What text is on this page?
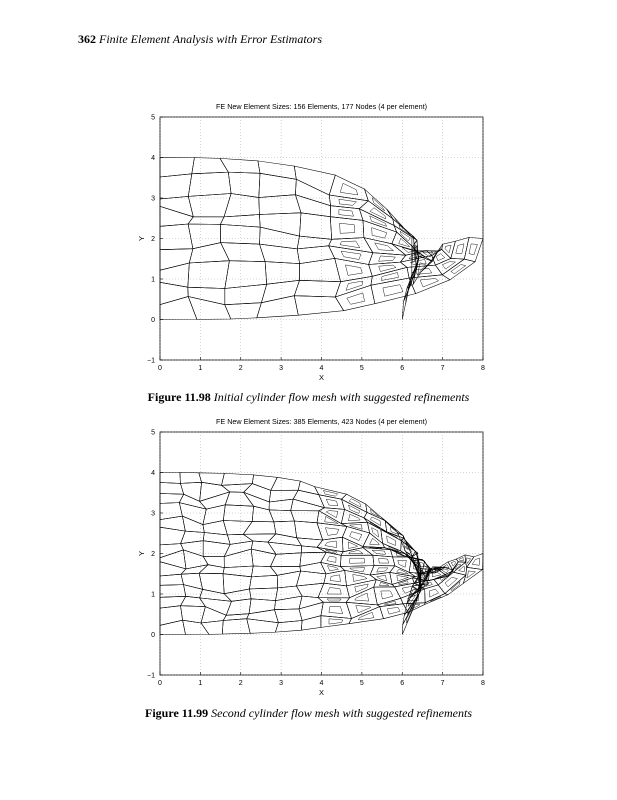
362 Finite Element Analysis with Error Estimators
FE New Element Sizes: 156 Elements, 177 Nodes (4 per element)
0	1	2	3	4	5	6	7	8
−1
0
1
2
3
4
5
X
Y
Figure 11.98 Initial cylinder flow mesh with suggested refinements
FE New Element Sizes: 385 Elements, 423 Nodes (4 per element)
0	1	2	3	4	5	6	7	8
−1
0
1
2
3
4
5
X
Y
Figure 11.99 Second cylinder flow mesh with suggested refinements
